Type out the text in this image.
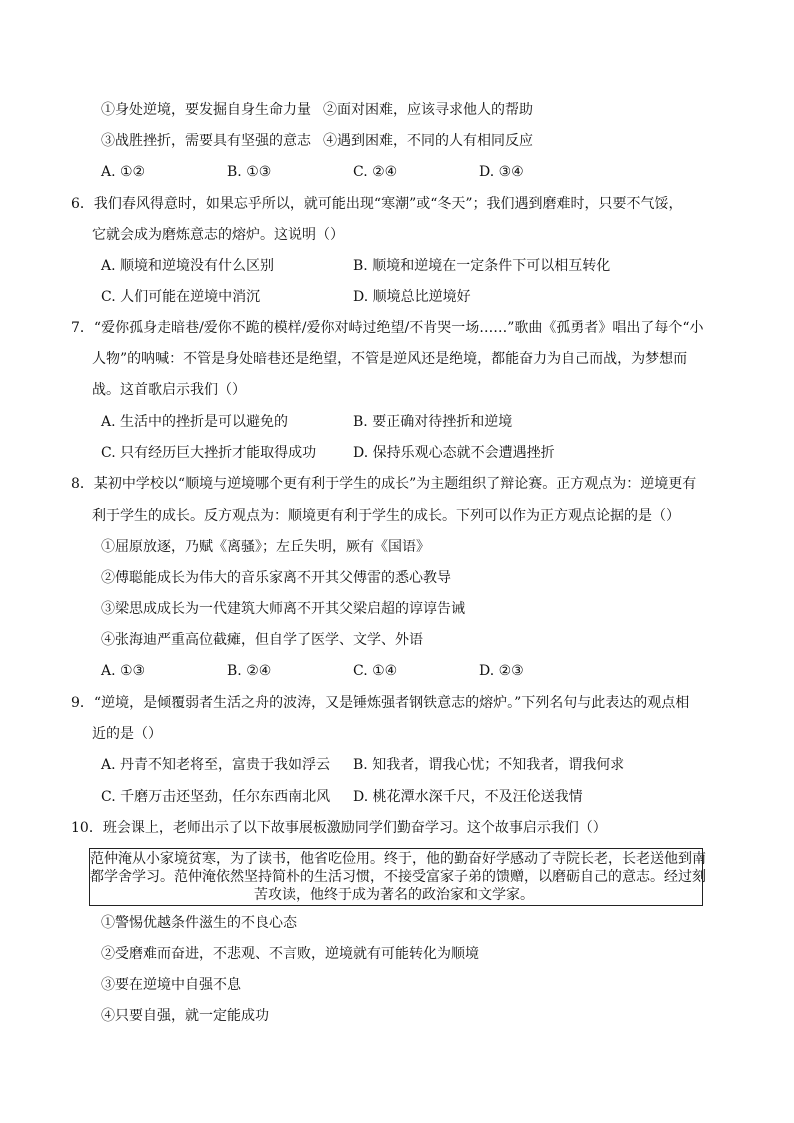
①身处逆境，要发掘自身生命力量 ②面对困难，应该寻求他人的帮助
③战胜挫折，需要具有坚强的意志 ④遇到困难，不同的人有相同反应
A. ①②	B. ①③	C. ②④	D. ③④
6．我们春风得意时，如果忘乎所以，就可能出现“寒潮”或“冬天”；我们遇到磨难时，只要不气馁，
它就会成为磨炼意志的熔炉。这说明（）
A. 顺境和逆境没有什么区别	B. 顺境和逆境在一定条件下可以相互转化
C. 人们可能在逆境中消沉	D. 顺境总比逆境好
7．“爱你孤身走暗巷/爱你不跪的模样/爱你对峙过绝望/不肯哭一场……”歌曲《孤勇者》唱出了每个“小
人物”的呐喊：不管是身处暗巷还是绝望，不管是逆风还是绝境，都能奋力为自己而战，为梦想而
战。这首歌启示我们（）
A. 生活中的挫折是可以避免的	B. 要正确对待挫折和逆境
C. 只有经历巨大挫折才能取得成功	D. 保持乐观心态就不会遭遇挫折
8．某初中学校以“顺境与逆境哪个更有利于学生的成长”为主题组织了辩论赛。正方观点为：逆境更有
利于学生的成长。反方观点为：顺境更有利于学生的成长。下列可以作为正方观点论据的是（）
①屈原放逐，乃赋《离骚》；左丘失明，厥有《国语》
②傅聪能成长为伟大的音乐家离不开其父傅雷的悉心教导
③梁思成成长为一代建筑大师离不开其父梁启超的谆谆告诫
④张海迪严重高位截瘫，但自学了医学、文学、外语
A. ①③	B. ②④	C. ①④	D. ②③
9．“逆境，是倾覆弱者生活之舟的波涛，又是锤炼强者钢铁意志的熔炉。”下列名句与此表达的观点相
近的是（）
A. 丹青不知老将至，富贵于我如浮云 B. 知我者，谓我心忧；不知我者，谓我何求
C. 千磨万击还坚劲，任尔东西南北风 D. 桃花潭水深千尺，不及汪伦送我情
10．班会课上，老师出示了以下故事展板激励同学们勤奋学习。这个故事启示我们（）
范仲淹从小家境贫寒，为了读书，他省吃俭用。终于，他的勤奋好学感动了寺院长老，长老送他到南
都学舍学习。范仲淹依然坚持简朴的生活习惯，不接受富家子弟的馈赠，以磨砺自己的意志。经过刻
苦攻读，他终于成为著名的政治家和文学家。
①警惕优越条件滋生的不良心态
②受磨难而奋进，不悲观、不言败，逆境就有可能转化为顺境
③要在逆境中自强不息
④只要自强，就一定能成功
